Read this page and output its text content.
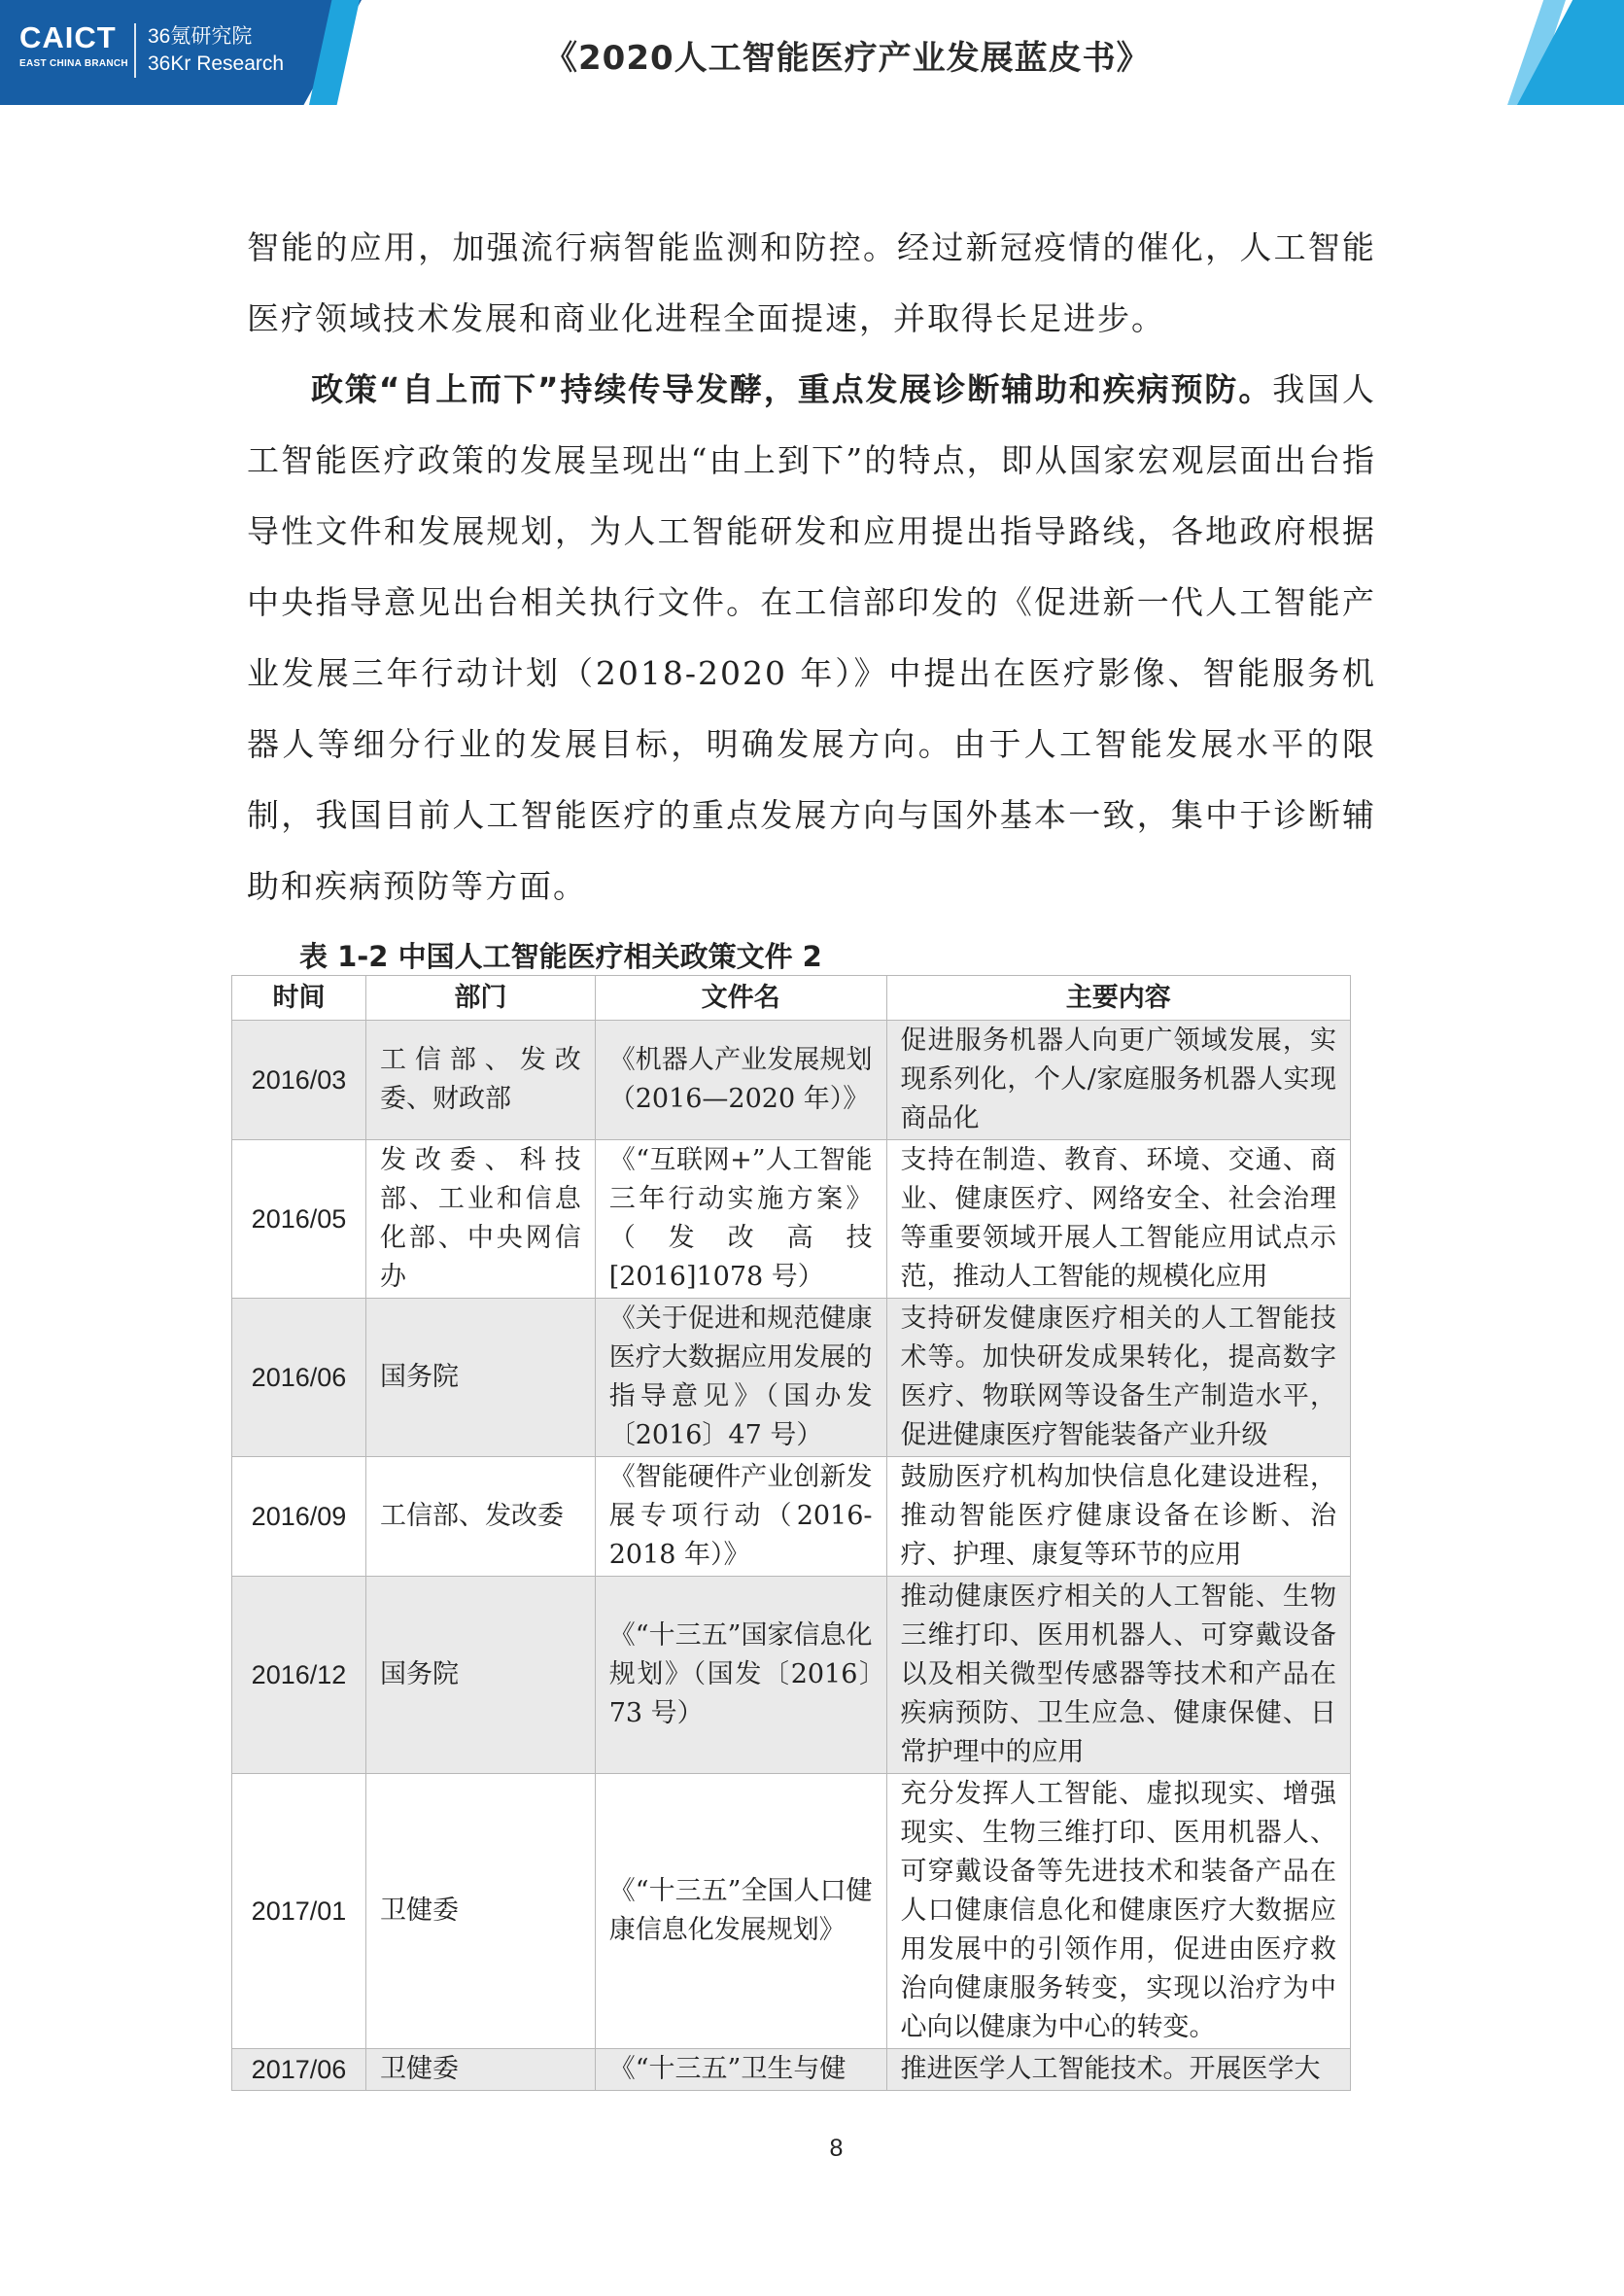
CAICT
EAST CHINA BRANCH
36氪研究院
36Kr Research	《2020人工智能医疗产业发展蓝皮书》

智能的应用，加强流行病智能监测和防控。经过新冠疫情的催化，人工智能医疗领域技术发展和商业化进程全面提速，并取得长足进步。

政策“自上而下”持续传导发酵，重点发展诊断辅助和疾病预防。我国人工智能医疗政策的发展呈现出“由上到下”的特点，即从国家宏观层面出台指导性文件和发展规划，为人工智能研发和应用提出指导路线，各地政府根据中央指导意见出台相关执行文件。在工信部印发的《促进新一代人工智能产业发展三年行动计划（2018-2020 年）》中提出在医疗影像、智能服务机器人等细分行业的发展目标，明确发展方向。由于人工智能发展水平的限制，我国目前人工智能医疗的重点发展方向与国外基本一致，集中于诊断辅助和疾病预防等方面。

表 1-2 中国人工智能医疗相关政策文件 2
时间	部门	文件名	主要内容
2016/03	工信部、发改委、财政部	《机器人产业发展规划（2016—2020 年）》	促进服务机器人向更广领域发展，实现系列化，个人/家庭服务机器人实现商品化
2016/05	发改委、科技部、工业和信息化部、中央网信办	《“互联网+”人工智能三年行动实施方案》（发改高技[2016]1078 号）	支持在制造、教育、环境、交通、商业、健康医疗、网络安全、社会治理等重要领域开展人工智能应用试点示范，推动人工智能的规模化应用
2016/06	国务院	《关于促进和规范健康医疗大数据应用发展的指导意见》（国办发〔2016〕47 号）	支持研发健康医疗相关的人工智能技术等。加快研发成果转化，提高数字医疗、物联网等设备生产制造水平，促进健康医疗智能装备产业升级
2016/09	工信部、发改委	《智能硬件产业创新发展专项行动（2016-2018 年）》	鼓励医疗机构加快信息化建设进程，推动智能医疗健康设备在诊断、治疗、护理、康复等环节的应用
2016/12	国务院	《“十三五”国家信息化规划》（国发〔2016〕73 号）	推动健康医疗相关的人工智能、生物三维打印、医用机器人、可穿戴设备以及相关微型传感器等技术和产品在疾病预防、卫生应急、健康保健、日常护理中的应用
2017/01	卫健委	《“十三五”全国人口健康信息化发展规划》	充分发挥人工智能、虚拟现实、增强现实、生物三维打印、医用机器人、可穿戴设备等先进技术和装备产品在人口健康信息化和健康医疗大数据应用发展中的引领作用，促进由医疗救治向健康服务转变，实现以治疗为中心向以健康为中心的转变。
2017/06	卫健委	《“十三五”卫生与健	推进医学人工智能技术。开展医学大
8
